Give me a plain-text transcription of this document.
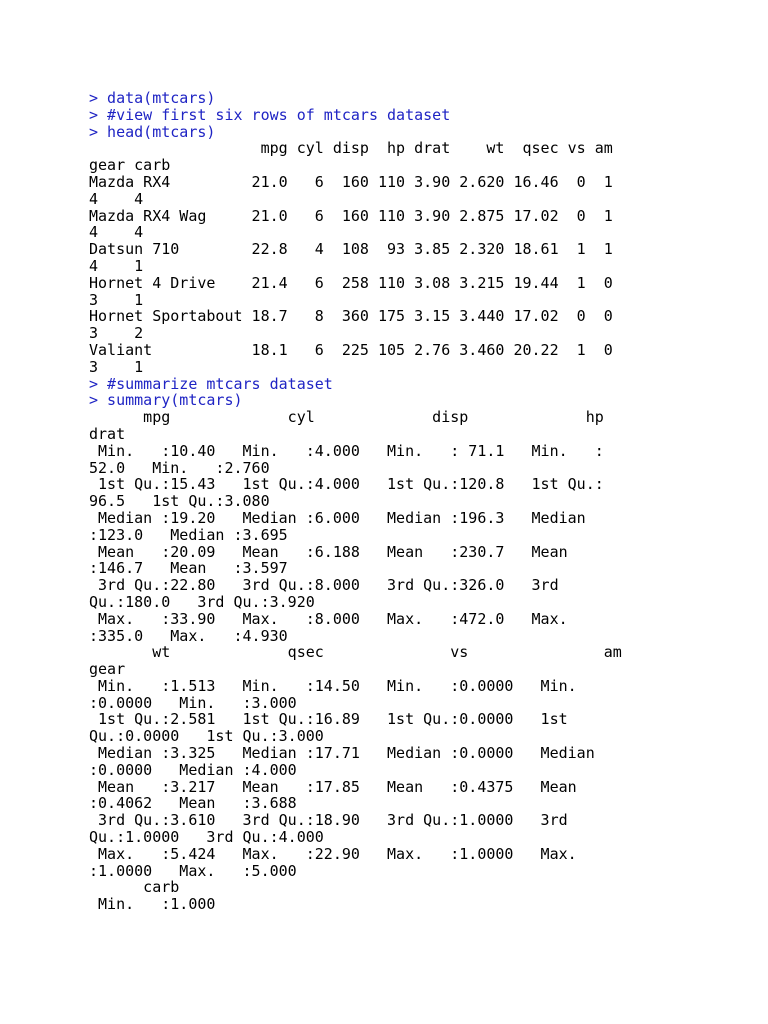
> data(mtcars)
> #view first six rows of mtcars dataset
> head(mtcars)
mpg cyl disp  hp drat    wt  qsec vs am
gear carb
Mazda RX4         21.0   6  160 110 3.90 2.620 16.46  0  1
4    4
Mazda RX4 Wag     21.0   6  160 110 3.90 2.875 17.02  0  1
4    4
Datsun 710        22.8   4  108  93 3.85 2.320 18.61  1  1
4    1
Hornet 4 Drive    21.4   6  258 110 3.08 3.215 19.44  1  0
3    1
Hornet Sportabout 18.7   8  360 175 3.15 3.440 17.02  0  0
3    2
Valiant           18.1   6  225 105 2.76 3.460 20.22  1  0
3    1
> #summarize mtcars dataset
> summary(mtcars)
mpg             cyl             disp             hp
drat
Min.   :10.40   Min.   :4.000   Min.   : 71.1   Min.   :
52.0   Min.   :2.760
1st Qu.:15.43   1st Qu.:4.000   1st Qu.:120.8   1st Qu.:
96.5   1st Qu.:3.080
Median :19.20   Median :6.000   Median :196.3   Median
:123.0   Median :3.695
Mean   :20.09   Mean   :6.188   Mean   :230.7   Mean
:146.7   Mean   :3.597
3rd Qu.:22.80   3rd Qu.:8.000   3rd Qu.:326.0   3rd
Qu.:180.0   3rd Qu.:3.920
Max.   :33.90   Max.   :8.000   Max.   :472.0   Max.
:335.0   Max.   :4.930
wt             qsec              vs               am
gear
Min.   :1.513   Min.   :14.50   Min.   :0.0000   Min.
:0.0000   Min.   :3.000
1st Qu.:2.581   1st Qu.:16.89   1st Qu.:0.0000   1st
Qu.:0.0000   1st Qu.:3.000
Median :3.325   Median :17.71   Median :0.0000   Median
:0.0000   Median :4.000
Mean   :3.217   Mean   :17.85   Mean   :0.4375   Mean
:0.4062   Mean   :3.688
3rd Qu.:3.610   3rd Qu.:18.90   3rd Qu.:1.0000   3rd
Qu.:1.0000   3rd Qu.:4.000
Max.   :5.424   Max.   :22.90   Max.   :1.0000   Max.
:1.0000   Max.   :5.000
carb
Min.   :1.000
